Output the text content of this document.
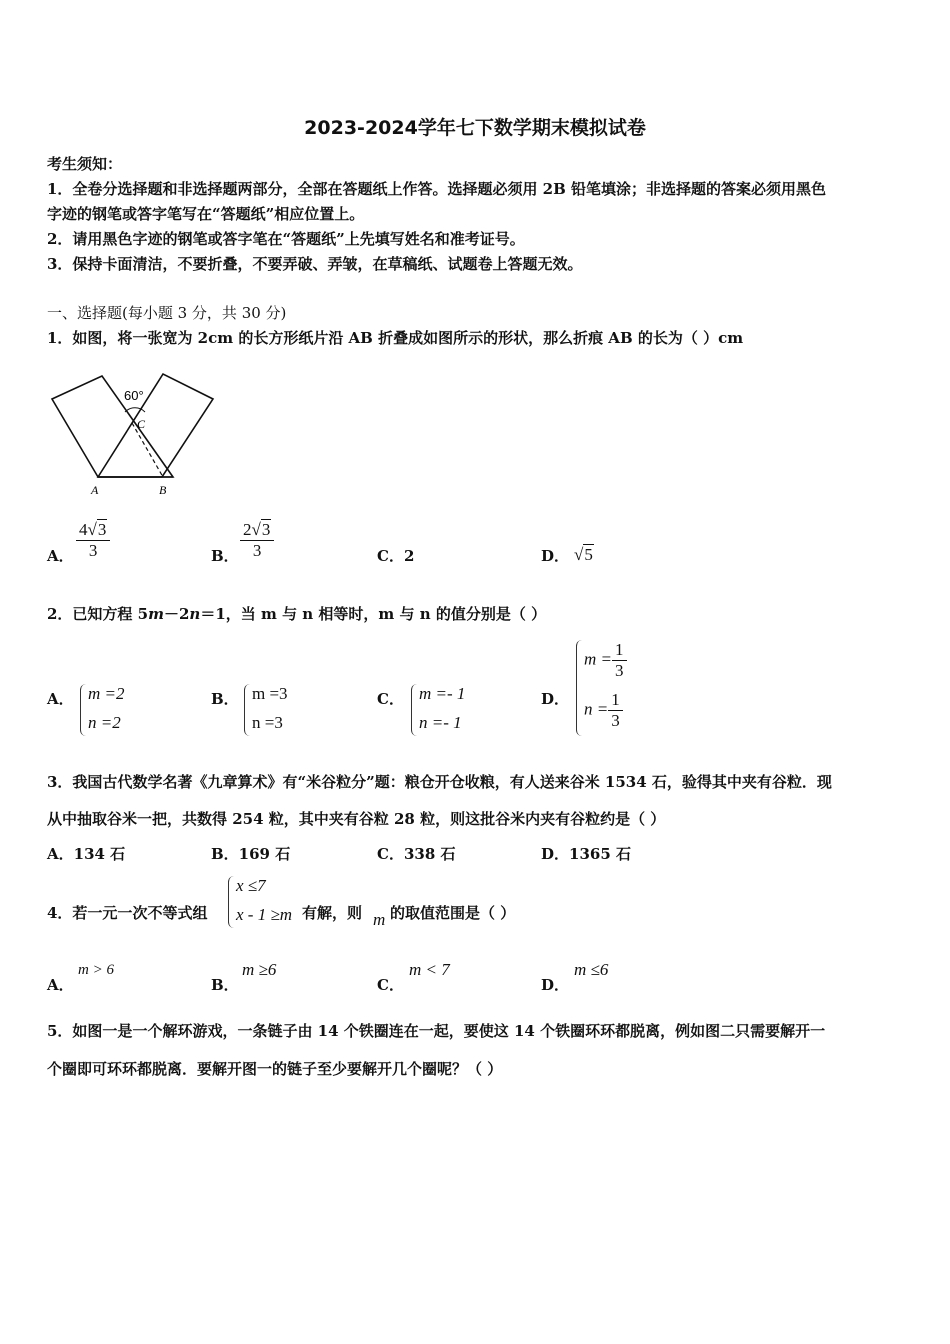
2023-2024学年七下数学期末模拟试卷
考生须知：
1．全卷分选择题和非选择题两部分，全部在答题纸上作答。选择题必须用 2B 铅笔填涂；非选择题的答案必须用黑色
字迹的钢笔或答字笔写在“答题纸”相应位置上。
2．请用黑色字迹的钢笔或答字笔在“答题纸”上先填写姓名和准考证号。
3．保持卡面清洁，不要折叠，不要弄破、弄皱，在草稿纸、试题卷上答题无效。
一、选择题(每小题 3 分，共 30 分)
1．如图，将一张宽为 2cm 的长方形纸片沿 AB 折叠成如图所示的形状，那么折痕 AB 的长为（ ）cm
60°
C
A	B
A． $\frac{4√3}{3}$	B． $\frac{2√3}{3}$	C．2	D． √5
2．已知方程 5m－2n＝1，当 m 与 n 相等时，m 与 n 的值分别是（ ）
A． m =2
n =2
B． m =3
n =3
C． m =- 1
n =- 1
D．
$m = \frac{1}{3}$
$n = \frac{1}{3}$
3．我国古代数学名著《九章算术》有“米谷粒分”题：粮仓开仓收粮，有人送来谷米 1534 石，验得其中夹有谷粒．现
从中抽取谷米一把，共数得 254 粒，其中夹有谷粒 28 粒，则这批谷米内夹有谷粒约是（ ）
A．134 石	B．169 石	C．338 石	D．1365 石
4．若一元一次不等式组
x ≤7
x - 1 ≥m 有解，则 m 的取值范围是（ ）
A．
m > 6
B．
m ≥6
C．
m < 7
D．
m ≤6
5．如图一是一个解环游戏，一条链子由 14 个铁圈连在一起，要使这 14 个铁圈环环都脱离，例如图二只需要解开一
个圈即可环环都脱离．要解开图一的链子至少要解开几个圈呢？（ ）
